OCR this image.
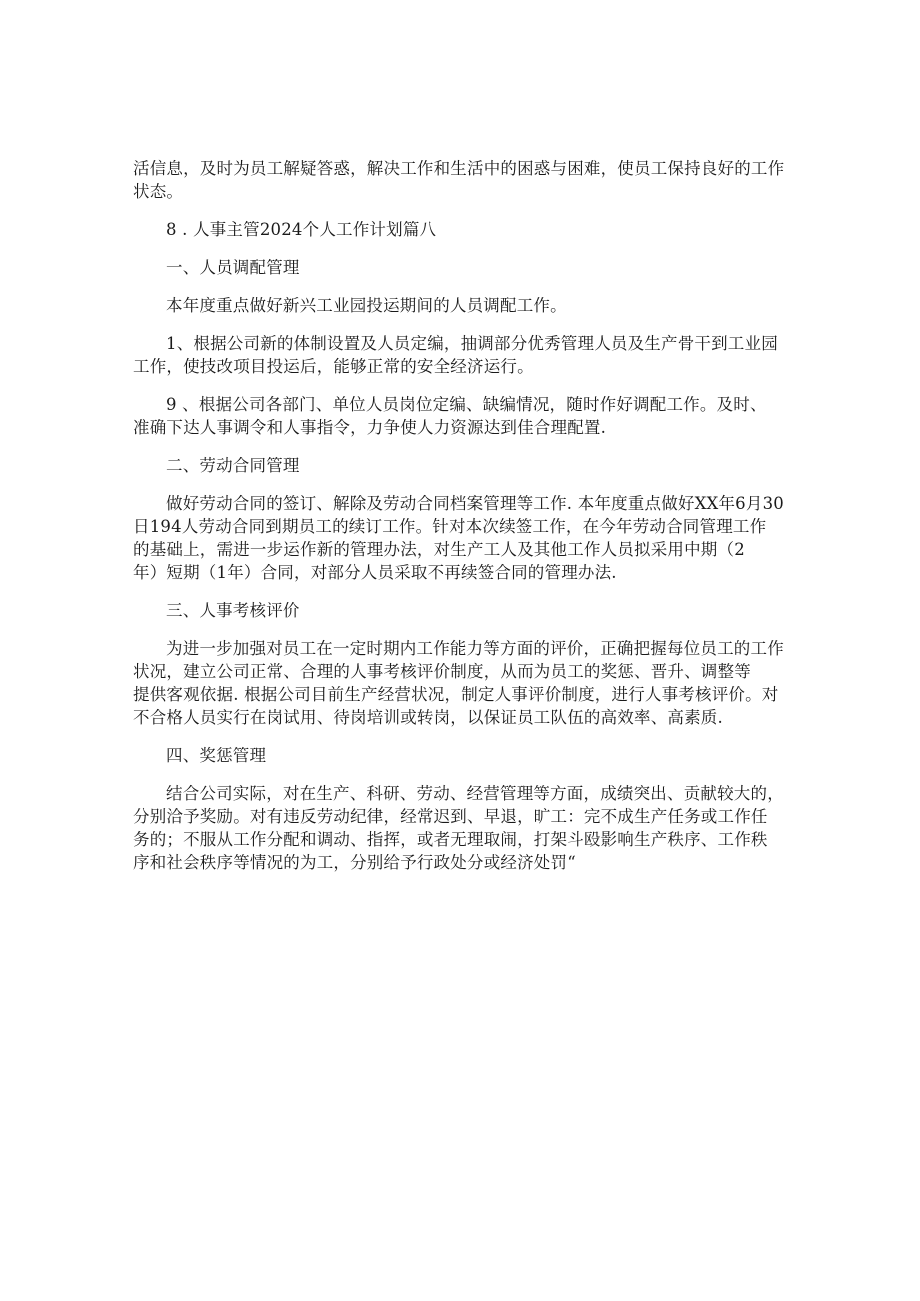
活信息，及时为员工解疑答惑，解决工作和生活中的困惑与困难，使员工保持良好的工作
状态。

8 . 人事主管2024个人工作计划篇八
一、人员调配管理
本年度重点做好新兴工业园投运期间的人员调配工作。

1、根据公司新的体制设置及人员定编，抽调部分优秀管理人员及生产骨干到工业园
工作，使技改项目投运后，能够正常的安全经济运行。

9 、根据公司各部门、单位人员岗位定编、缺编情况，随时作好调配工作。及时、
准确下达人事调令和人事指令，力争使人力资源达到佳合理配置.

二、劳动合同管理

做好劳动合同的签订、解除及劳动合同档案管理等工作. 本年度重点做好XX年6月30
日194人劳动合同到期员工的续订工作。针对本次续签工作，在今年劳动合同管理工作
的基础上，需进一步运作新的管理办法，对生产工人及其他工作人员拟采用中期（2
年）短期（1年）合同，对部分人员采取不再续签合同的管理办法.

三、人事考核评价

为进一步加强对员工在一定时期内工作能力等方面的评价，正确把握每位员工的工作
状况，建立公司正常、合理的人事考核评价制度，从而为员工的奖惩、晋升、调整等
提供客观依据. 根据公司目前生产经营状况，制定人事评价制度，进行人事考核评价。对
不合格人员实行在岗试用、待岗培训或转岗，以保证员工队伍的高效率、高素质.

四、奖惩管理

结合公司实际，对在生产、科研、劳动、经营管理等方面，成绩突出、贡献较大的，
分别洽予奖励。对有违反劳动纪律，经常迟到、早退，旷工：完不成生产任务或工作任
务的；不服从工作分配和调动、指挥，或者无理取闹，打架斗殴影响生产秩序、工作秩
序和社会秩序等情况的为工，分别给予行政处分或经济处罚“
